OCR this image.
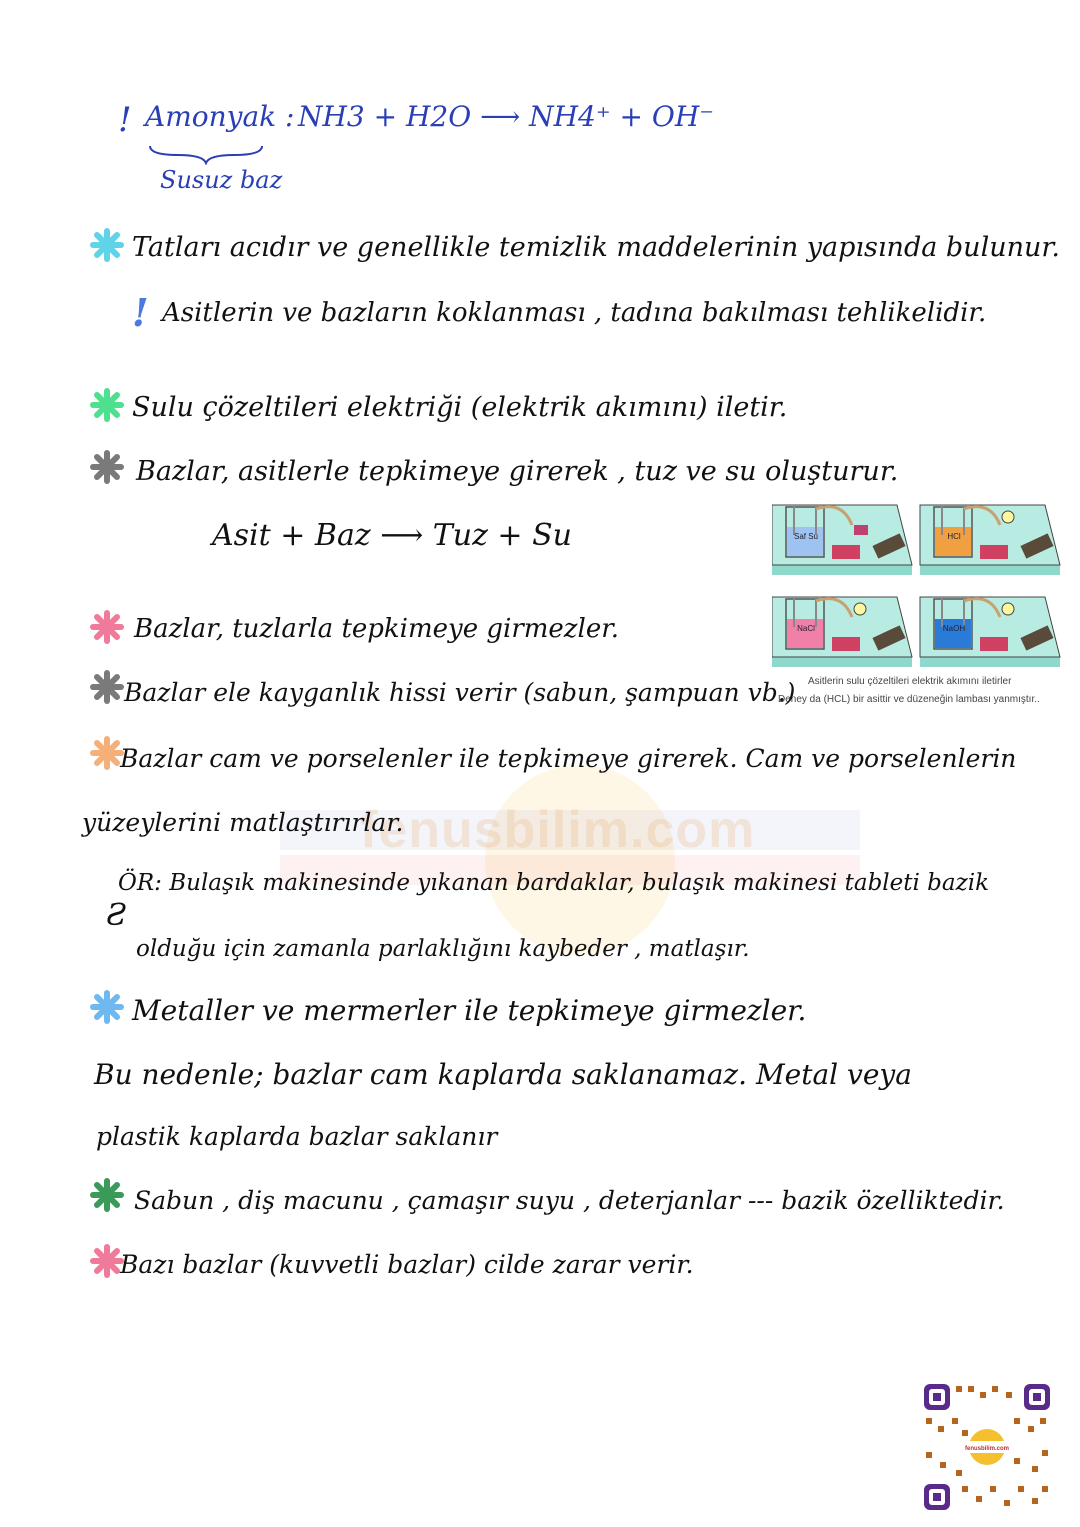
fenusbilim.com
! Amonyak : NH3 + H2O ⟶ NH4⁺ + OH⁻
Susuz baz
Tatları acıdır ve genellikle temizlik maddelerinin yapısında bulunur.
! Asitlerin ve bazların koklanması , tadına bakılması tehlikelidir.
Sulu çözeltileri elektriği (elektrik akımını) iletir.
Bazlar, asitlerle tepkimeye girerek , tuz ve su oluşturur.
Asit + Baz ⟶ Tuz + Su	Saf Su	HCl
NaCl	NaOH
Asitlerin sulu çözeltileri elektrik akımını iletirler
Deney da (HCL) bir asittir ve düzeneğin lambası yanmıştır..
Bazlar, tuzlarla tepkimeye girmezler.
Bazlar ele kayganlık hissi verir (sabun, şampuan vb.)
Bazlar cam ve porselenler ile tepkimeye girerek. Cam ve porselenlerin
yüzeylerini matlaştırırlar.
ÖR: Bulaşık makinesinde yıkanan bardaklar, bulaşık makinesi tableti bazik
Ƨ
olduğu için zamanla parlaklığını kaybeder , matlaşır.
Metaller ve mermerler ile tepkimeye girmezler.
Bu nedenle; bazlar cam kaplarda saklanamaz. Metal veya
plastik kaplarda bazlar saklanır
Sabun , diş macunu , çamaşır suyu , deterjanlar --- bazik özelliktedir.
Bazı bazlar (kuvvetli bazlar) cilde zarar verir.
fenusbilim.com
